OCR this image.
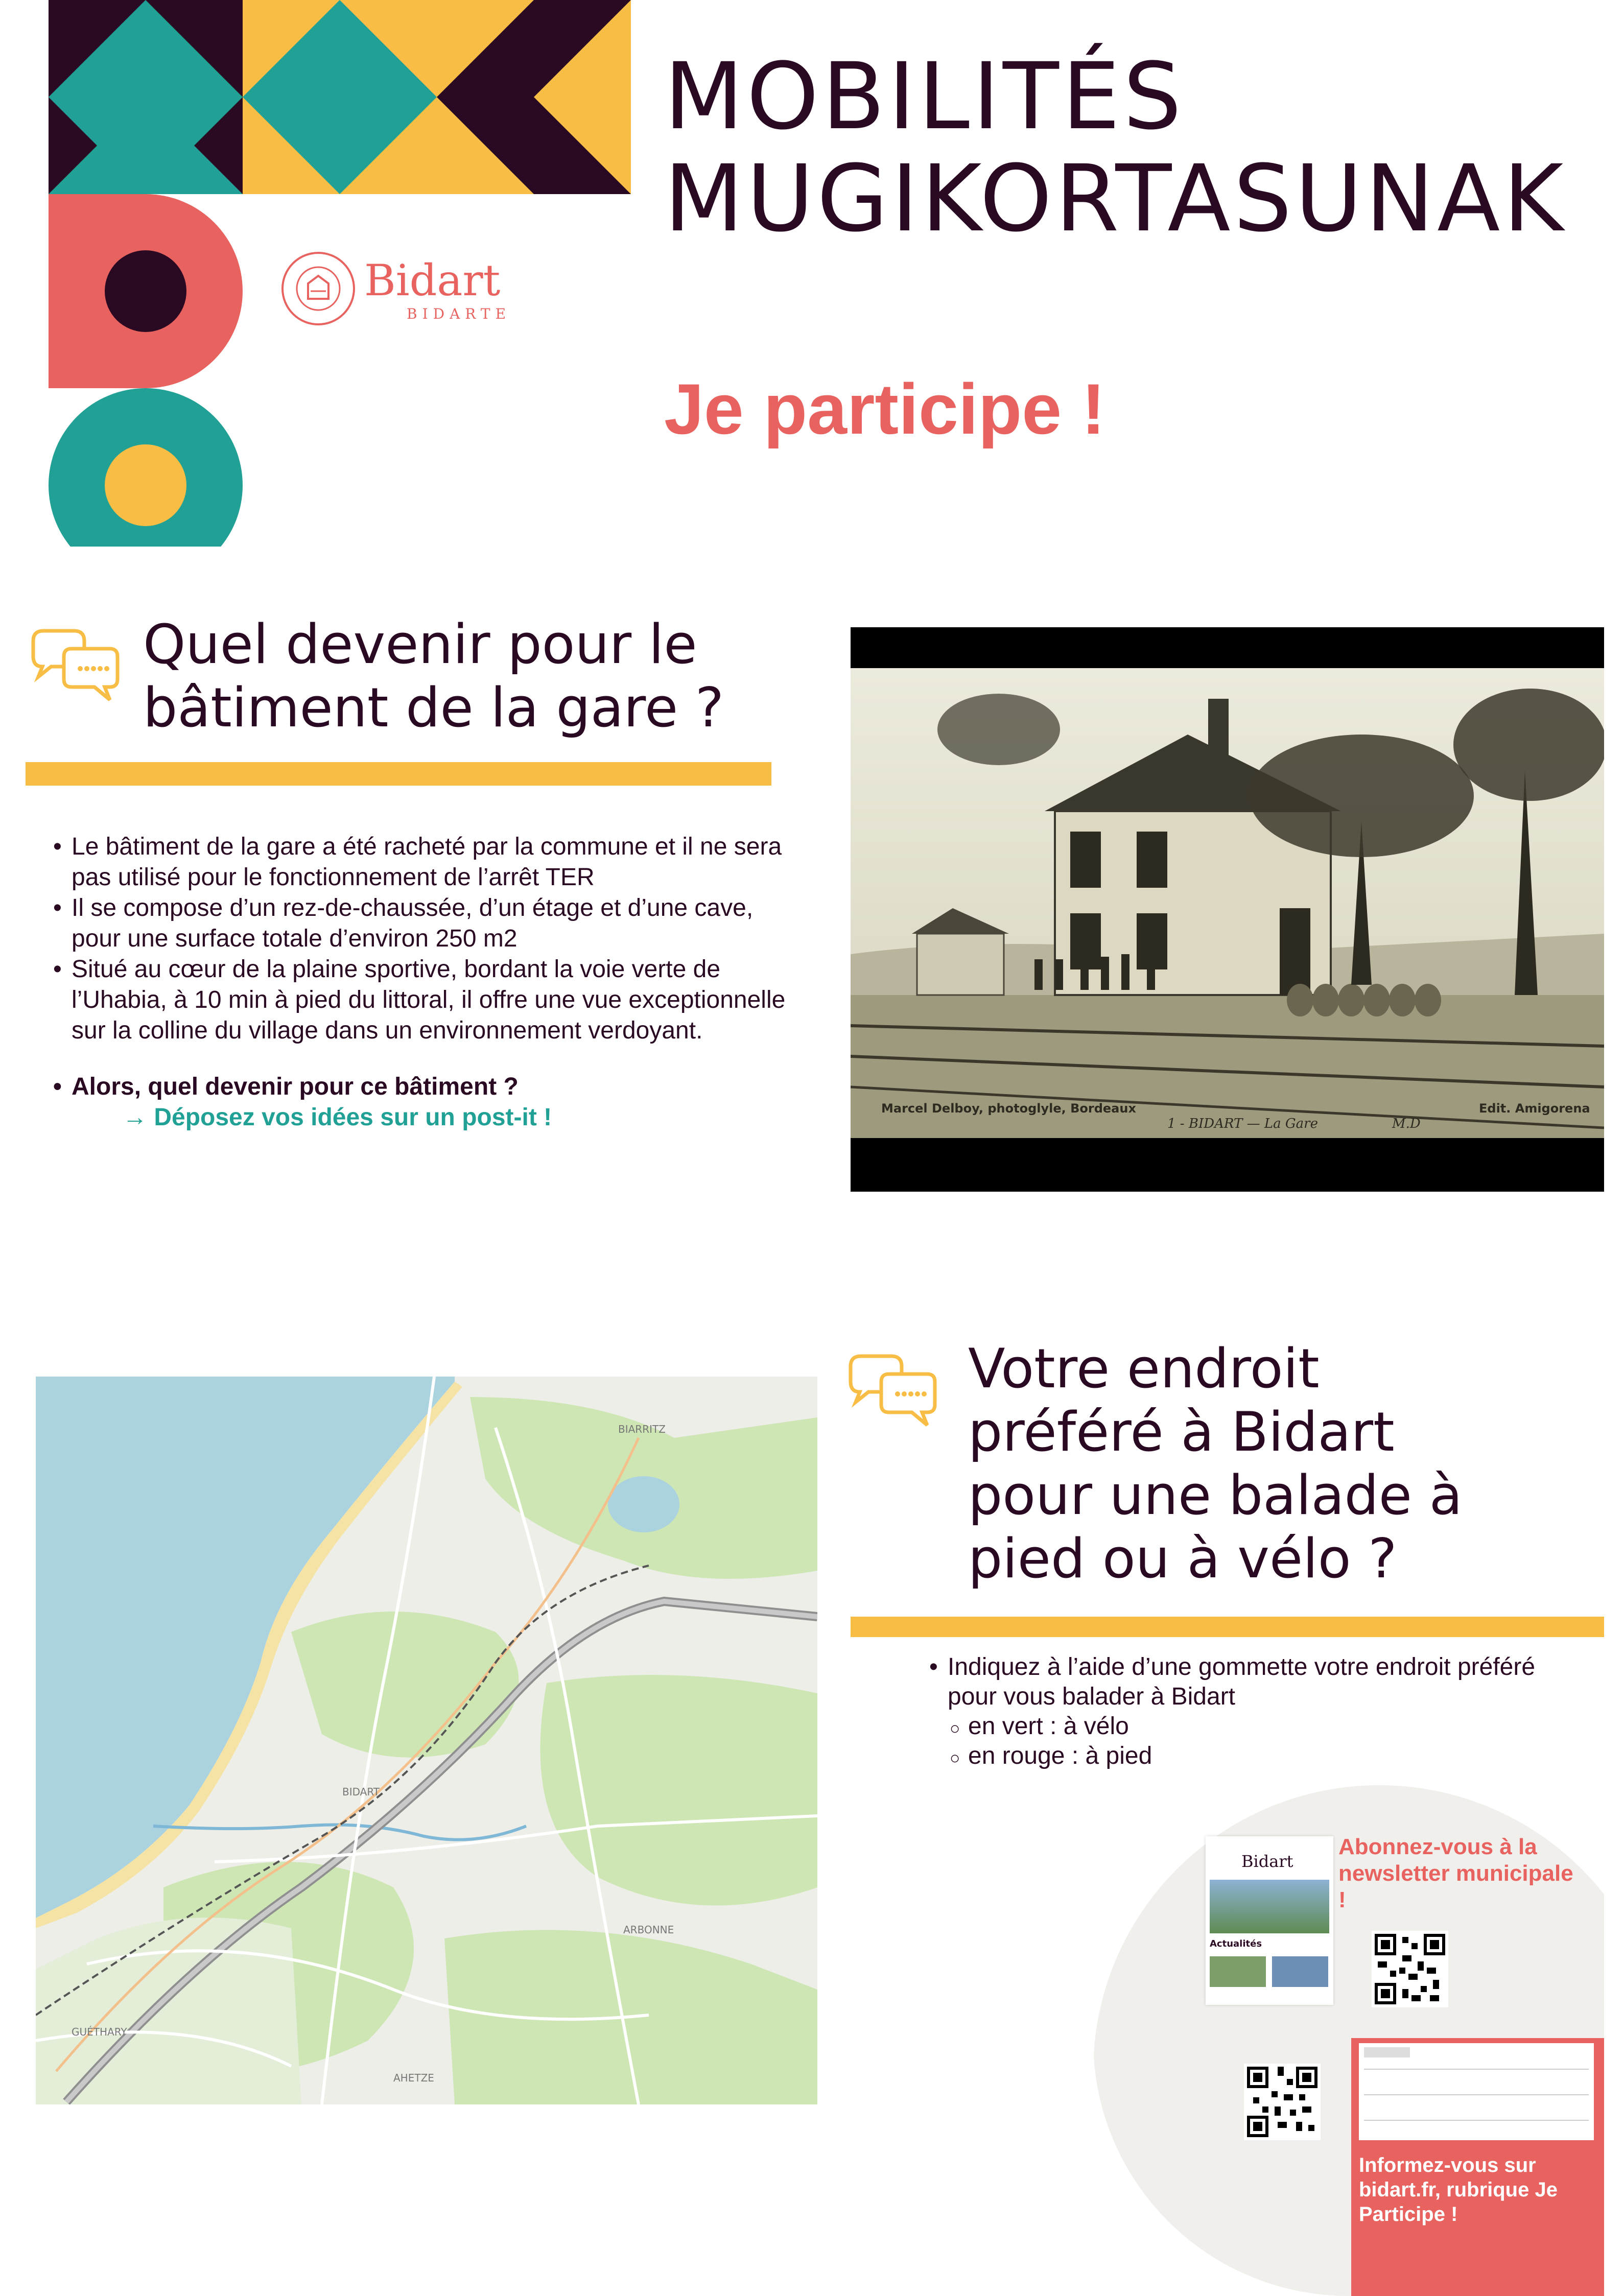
Bidart
BIDARTE
MOBILITÉS
MUGIKORTASUNAK
Je participe !
Quel devenir pour le
bâtiment de la gare ?
• Le bâtiment de la gare a été racheté par la commune et il ne sera pas utilisé pour le fonctionnement de l’arrêt TER
• Il se compose d’un rez-de-chaussée, d’un étage et d’une cave, pour une surface totale d’environ 250 m2
• Situé au cœur de la plaine sportive, bordant la voie verte de l’Uhabia, à 10 min à pied du littoral, il offre une vue exceptionnelle sur la colline du village dans un environnement verdoyant.
• Alors, quel devenir pour ce bâtiment ?
→ Déposez vos idées sur un post-it !	Marcel Delboy, photoglyle, Bordeaux
1 - BIDART — La Gare	M.D
Edit. Amigorena
BIARRITZ
BIDART
ARBONNE
GUÉTHARY
AHETZE
Votre endroit
préféré à Bidart
pour une balade à
pied ou à vélo ?
• Indiquez à l’aide d’une gommette votre endroit préféré pour vous balader à Bidart
○ en vert : à vélo
○ en rouge : à pied
Bidart
Actualités
Abonnez-vous à la newsletter municipale !
Informez-vous sur bidart.fr, rubrique Je Participe !
